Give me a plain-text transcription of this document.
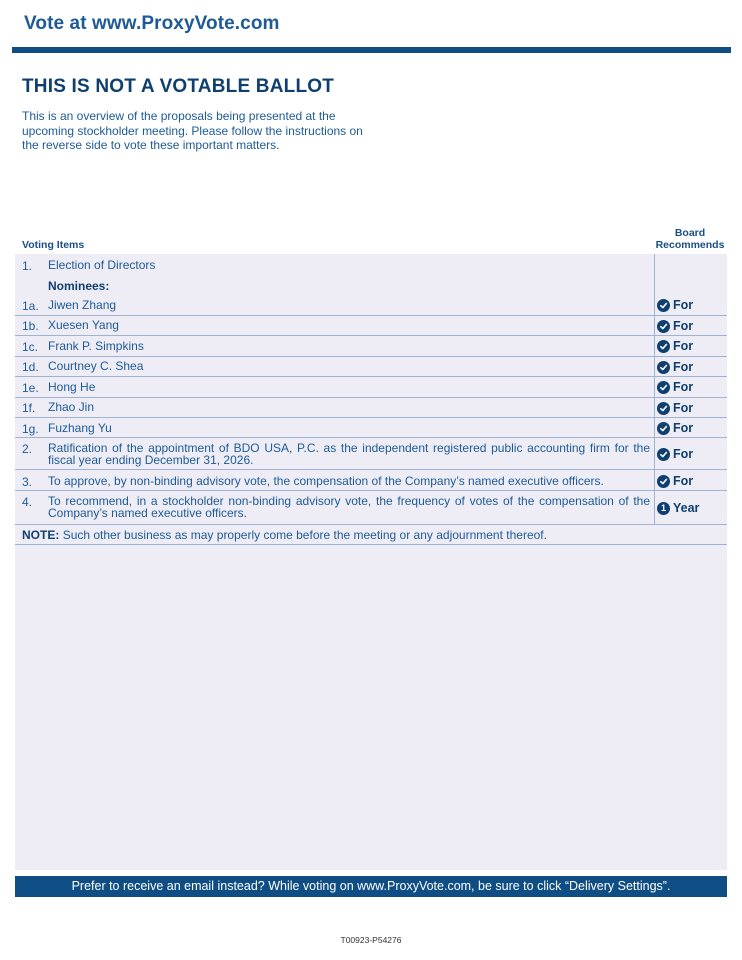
Vote at www.ProxyVote.com
THIS IS NOT A VOTABLE BALLOT

This is an overview of the proposals being presented at the upcoming stockholder meeting. Please follow the instructions on the reverse side to vote these important matters.

Voting Items
Board
Recommends
1. Election of Directors
Nominees:
1a. Jiwen Zhang	For
1b. Xuesen Yang	For
1c. Frank P. Simpkins	For
1d. Courtney C. Shea	For
1e. Hong He	For
1f. Zhao Jin	For
1g. Fuzhang Yu	For
2. Ratification of the appointment of BDO USA, P.C. as the independent registered public accounting firm for the fiscal year ending December 31, 2026.	For
3. To approve, by non-binding advisory vote, the compensation of the Company’s named executive officers.	For
4. To recommend, in a stockholder non-binding advisory vote, the frequency of votes of the compensation of the Company’s named executive officers.	1 Year
NOTE: Such other business as may properly come before the meeting or any adjournment thereof.
Prefer to receive an email instead? While voting on www.ProxyVote.com, be sure to click “Delivery Settings”.
T00923-P54276
